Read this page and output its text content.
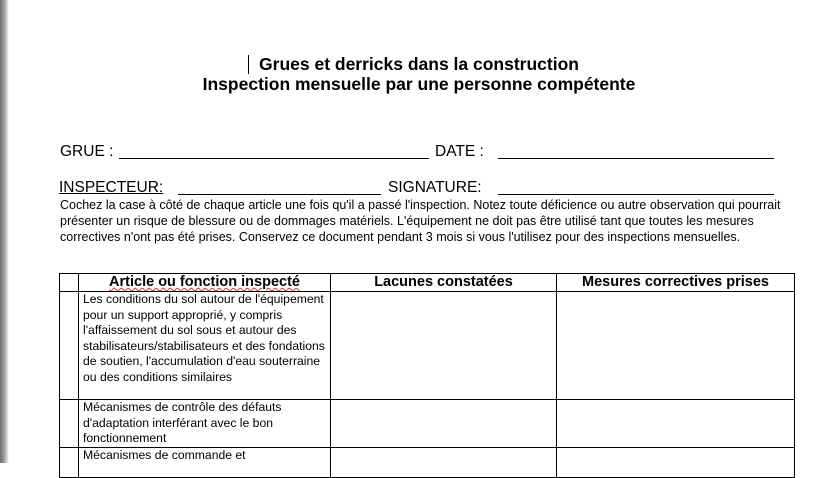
Grues et derricks dans la construction
Inspection mensuelle par une personne compétente
GRUE :	DATE :
INSPECTEUR:	SIGNATURE:
Cochez la case à côté de chaque article une fois qu'il a passé l'inspection. Notez toute déficience ou autre observation qui pourrait présenter un risque de blessure ou de dommages matériels. L'équipement ne doit pas être utilisé tant que toutes les mesures correctives n'ont pas été prises. Conservez ce document pendant 3 mois si vous l'utilisez pour des inspections mensuelles.
	Article ou fonction inspecté	Lacunes constatées	Mesures correctives prises
	Les conditions du sol autour de l'équipement pour un support approprié, y compris l'affaissement du sol sous et autour des stabilisateurs/stabilisateurs et des fondations de soutien, l'accumulation d'eau souterraine ou des conditions similaires		
	Mécanismes de contrôle des défauts d'adaptation interférant avec le bon fonctionnement		
	Mécanismes de commande et		
